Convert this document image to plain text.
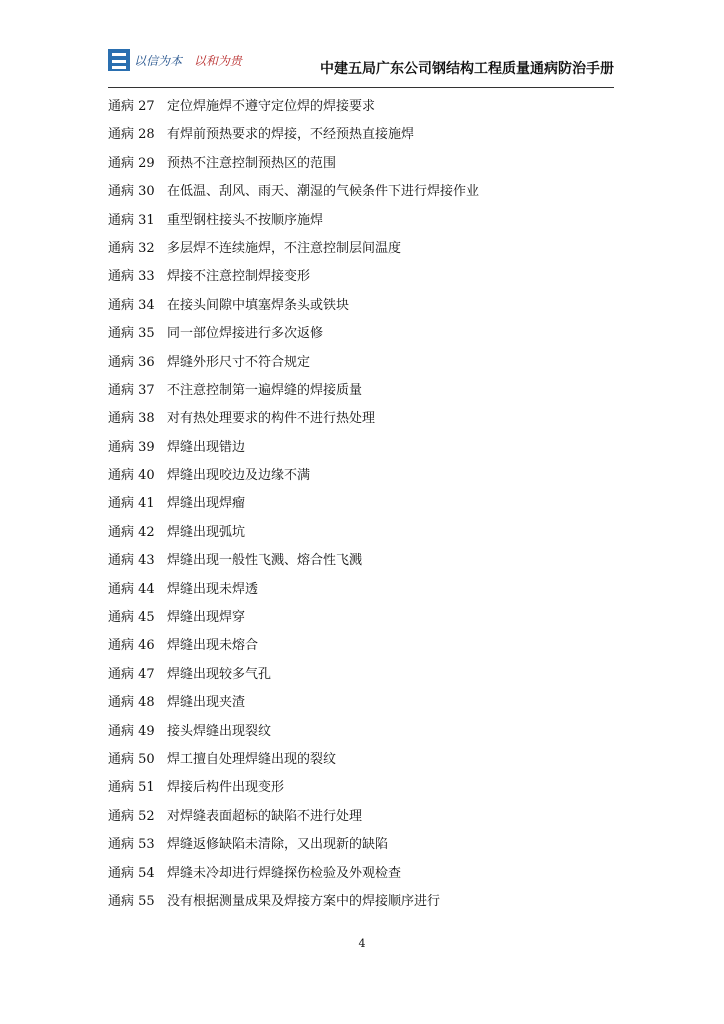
以信为本 以和为贵
中建五局广东公司钢结构工程质量通病防治手册
通病 27 定位焊施焊不遵守定位焊的焊接要求
通病 28 有焊前预热要求的焊接，不经预热直接施焊
通病 29 预热不注意控制预热区的范围
通病 30 在低温、刮风、雨天、潮湿的气候条件下进行焊接作业
通病 31 重型钢柱接头不按顺序施焊
通病 32 多层焊不连续施焊，不注意控制层间温度
通病 33 焊接不注意控制焊接变形
通病 34 在接头间隙中填塞焊条头或铁块
通病 35 同一部位焊接进行多次返修
通病 36 焊缝外形尺寸不符合规定
通病 37 不注意控制第一遍焊缝的焊接质量
通病 38 对有热处理要求的构件不进行热处理
通病 39 焊缝出现错边
通病 40 焊缝出现咬边及边缘不满
通病 41 焊缝出现焊瘤
通病 42 焊缝出现弧坑
通病 43 焊缝出现一般性飞溅、熔合性飞溅
通病 44 焊缝出现未焊透
通病 45 焊缝出现焊穿
通病 46 焊缝出现未熔合
通病 47 焊缝出现较多气孔
通病 48 焊缝出现夹渣
通病 49 接头焊缝出现裂纹
通病 50 焊工擅自处理焊缝出现的裂纹
通病 51 焊接后构件出现变形
通病 52 对焊缝表面超标的缺陷不进行处理
通病 53 焊缝返修缺陷未清除，又出现新的缺陷
通病 54 焊缝未冷却进行焊缝探伤检验及外观检查
通病 55 没有根据测量成果及焊接方案中的焊接顺序进行
4
